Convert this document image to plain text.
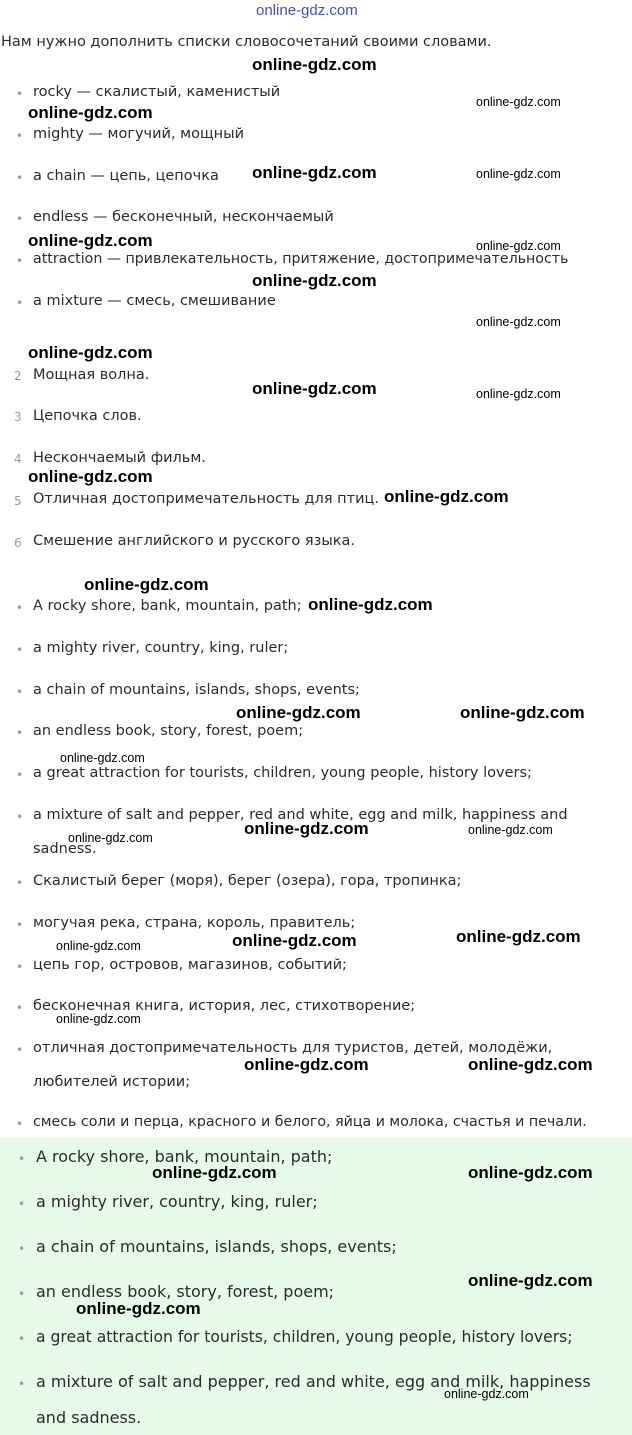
online-gdz.com
Нам нужно дополнить списки словосочетаний своими словами.
• rocky — скалистый, каменистый
• mighty — могучий, мощный
• a chain — цепь, цепочка
• endless — бесконечный, нескончаемый
• attraction — привлекательность, притяжение, достопримечательность
• a mixture — смесь, смешивание
2 Мощная волна.
3 Цепочка слов.
4 Нескончаемый фильм.
5 Отличная достопримечательность для птиц.
6 Смешение английского и русского языка.
• A rocky shore, bank, mountain, path;
• a mighty river, country, king, ruler;
• a chain of mountains, islands, shops, events;
• an endless book, story, forest, poem;
• a great attraction for tourists, children, young people, history lovers;
• a mixture of salt and pepper, red and white, egg and milk, happiness and
sadness.
• Скалистый берег (моря), берег (озера), гора, тропинка;
• могучая река, страна, король, правитель;
• цепь гор, островов, магазинов, событий;
• бесконечная книга, история, лес, стихотворение;
• отличная достопримечательность для туристов, детей, молодёжи,
любителей истории;
• смесь соли и перца, красного и белого, яйца и молока, счастья и печали.
• A rocky shore, bank, mountain, path;
• a mighty river, country, king, ruler;
• a chain of mountains, islands, shops, events;
• an endless book, story, forest, poem;
• a great attraction for tourists, children, young people, history lovers;
• a mixture of salt and pepper, red and white, egg and milk, happiness
and sadness.
online-gdz.com
online-gdz.com
online-gdz.com
online-gdz.com	online-gdz.com
online-gdz.com	online-gdz.com
online-gdz.com
online-gdz.com
online-gdz.com
online-gdz.com	online-gdz.com
online-gdz.com
online-gdz.com
online-gdz.com
online-gdz.com
online-gdz.com	online-gdz.com
online-gdz.com
online-gdz.com
online-gdz.com
online-gdz.com
online-gdz.com	online-gdz.com
online-gdz.com
online-gdz.com
online-gdz.com	online-gdz.com
online-gdz.com	online-gdz.com
online-gdz.com
online-gdz.com
online-gdz.com
